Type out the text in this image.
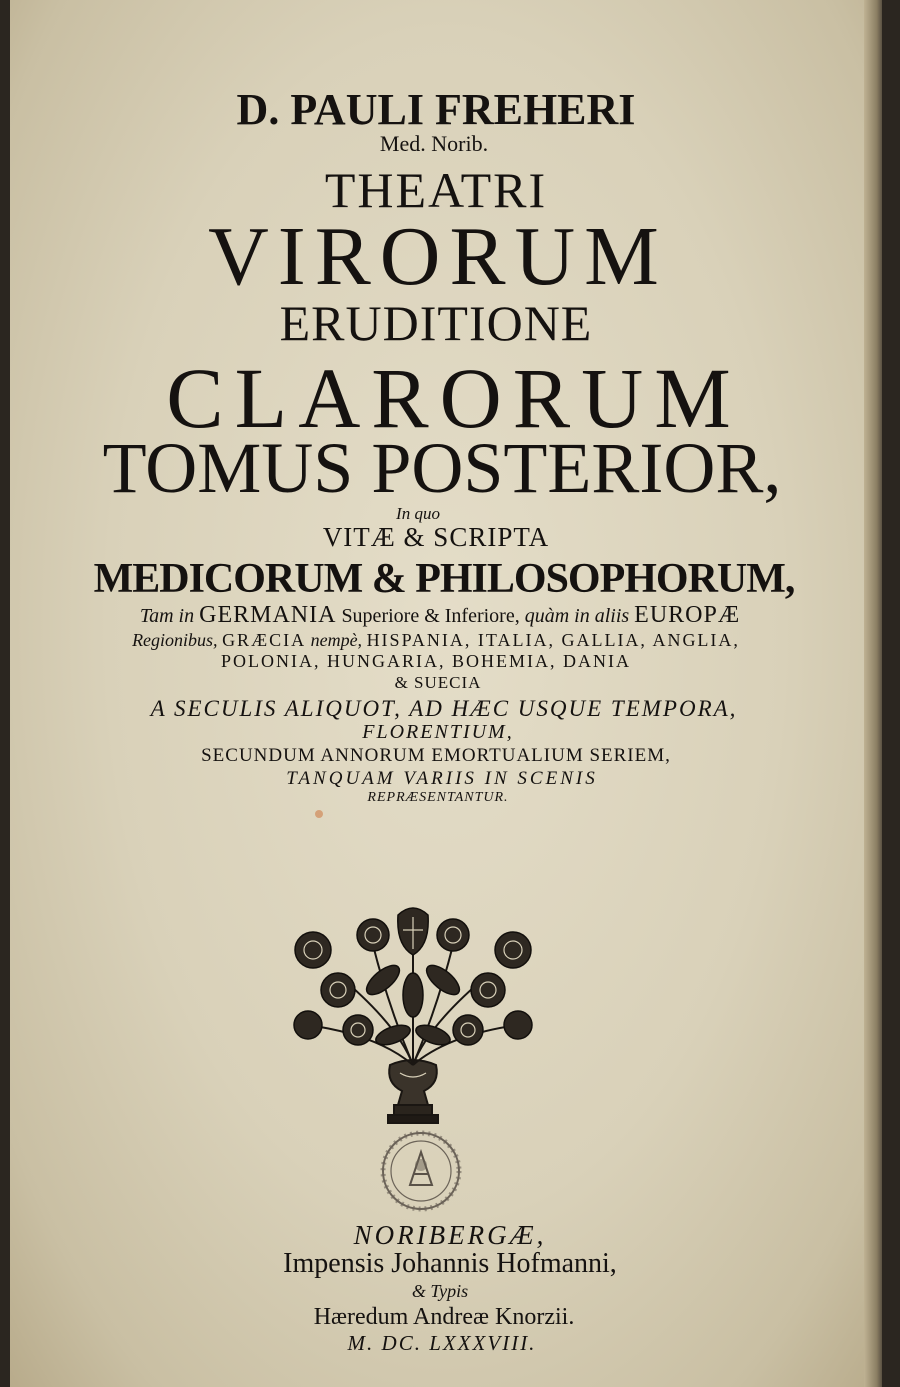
D. PAULI FREHERI
Med. Norib.
THEATRI
VIRORUM
ERUDITIONE
CLARORUM
TOMUS POSTERIOR,
In quo
VITÆ & SCRIPTA
MEDICORUM & PHILOSOPHORUM,
Tam in GERMANIA Superiore & Inferiore, quàm in aliis EUROPÆ
Regionibus, GRÆCIA nempè, HISPANIA, ITALIA, GALLIA, ANGLIA,
POLONIA, HUNGARIA, BOHEMIA, DANIA
& SUECIA
A SECULIS ALIQUOT, AD HÆC USQUE TEMPORA,
FLORENTIUM,
SECUNDUM ANNORUM EMORTUALIUM SERIEM,
TANQUAM VARIIS IN SCENIS
REPRÆSENTANTUR.
NORIBERGÆ,
Impensis Johannis Hofmanni,
& Typis
Hæredum Andreæ Knorzii.
M. DC. LXXXVIII.
